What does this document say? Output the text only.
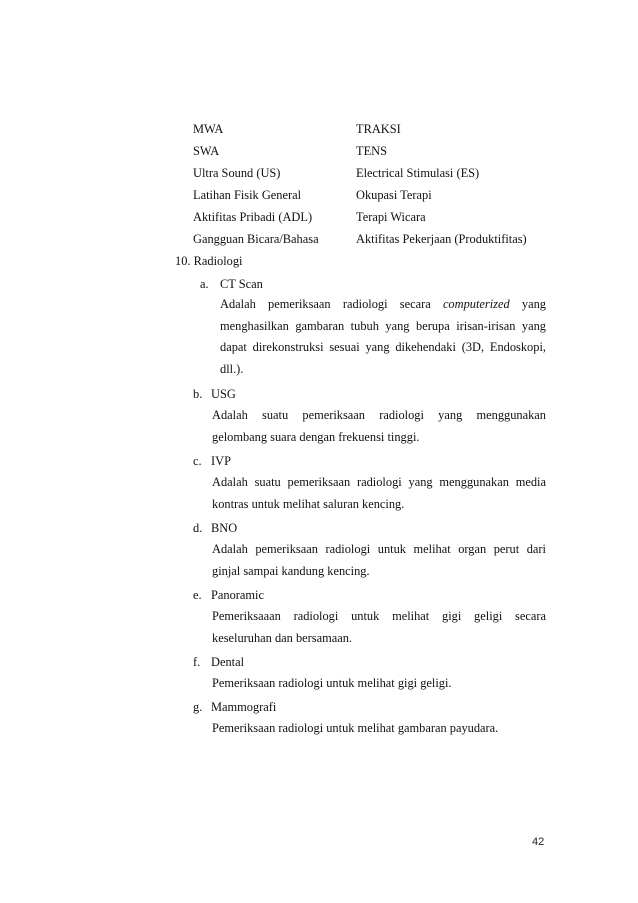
MWA	TRAKSI
SWA	TENS
Ultra Sound (US)	Electrical Stimulasi (ES)
Latihan Fisik General	Okupasi Terapi
Aktifitas Pribadi (ADL)	Terapi Wicara
Gangguan Bicara/Bahasa	Aktifitas Pekerjaan (Produktifitas)
10. Radiologi
a. CT Scan
Adalah pemeriksaan radiologi secara computerized yang
menghasilkan gambaran tubuh yang berupa irisan-irisan yang
dapat direkonstruksi sesuai yang dikehendaki (3D, Endoskopi,
dll.).
b. USG
Adalah suatu pemeriksaan radiologi yang menggunakan
gelombang suara dengan frekuensi tinggi.
c. IVP
Adalah suatu pemeriksaan radiologi yang menggunakan media
kontras untuk melihat saluran kencing.
d. BNO
Adalah pemeriksaan radiologi untuk melihat organ perut dari
ginjal sampai kandung kencing.
e. Panoramic
Pemeriksaaan radiologi untuk melihat gigi geligi secara
keseluruhan dan bersamaan.
f. Dental
Pemeriksaan radiologi untuk melihat gigi geligi.
g. Mammografi
Pemeriksaan radiologi untuk melihat gambaran payudara.
42
